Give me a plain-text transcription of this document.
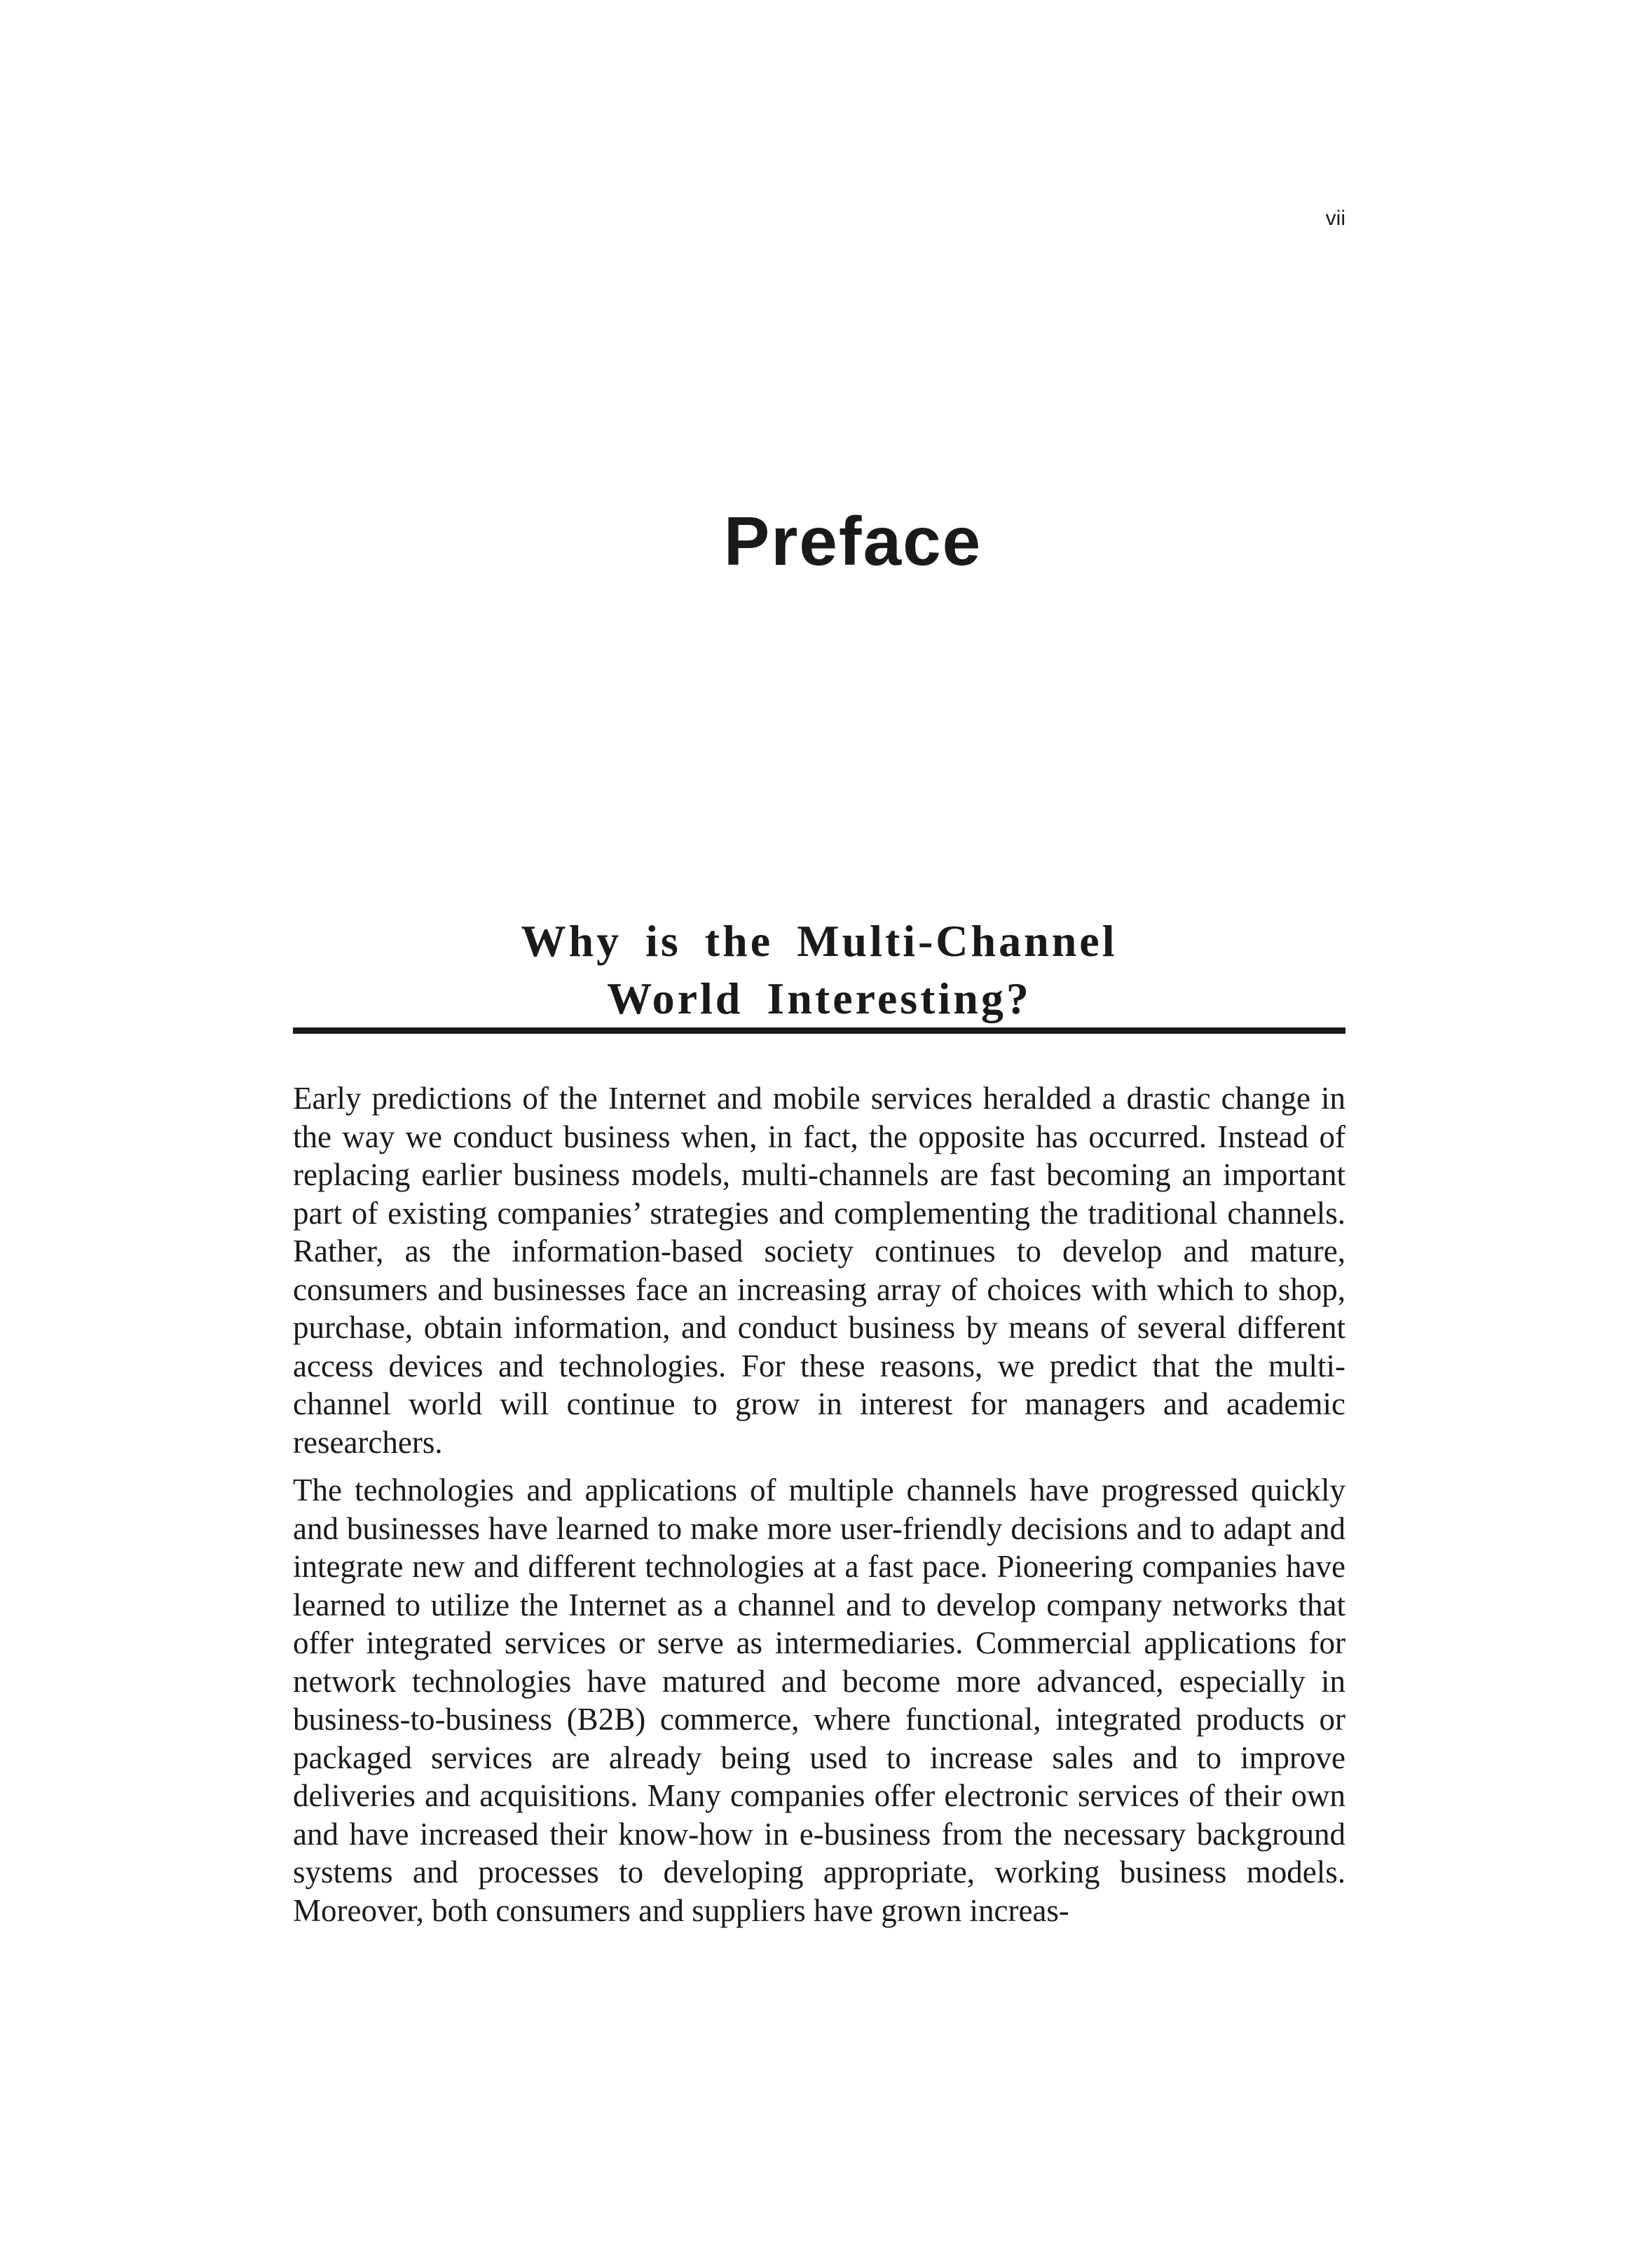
vii
Preface
Why is the Multi-Channel
World Interesting?

Early predictions of the Internet and mobile services heralded a drastic change in the way we conduct business when, in fact, the opposite has occurred. Instead of replacing earlier business models, multi-channels are fast becoming an important part of existing companies’ strategies and complementing the traditional channels. Rather, as the information-based society continues to develop and mature, consumers and businesses face an increasing array of choices with which to shop, purchase, obtain information, and conduct business by means of several different access devices and technologies. For these reasons, we predict that the multi-channel world will continue to grow in interest for managers and academic researchers.

The technologies and applications of multiple channels have progressed quickly and businesses have learned to make more user-friendly decisions and to adapt and integrate new and different technologies at a fast pace. Pioneering companies have learned to utilize the Internet as a channel and to develop company networks that offer integrated services or serve as intermediaries. Commercial applications for network technologies have matured and become more advanced, especially in business-to-business (B2B) commerce, where functional, integrated products or packaged services are already being used to increase sales and to improve deliveries and acquisitions. Many companies offer electronic services of their own and have increased their know-how in e-business from the necessary background systems and processes to developing appropriate, working business models. Moreover, both consumers and suppliers have grown increas-
